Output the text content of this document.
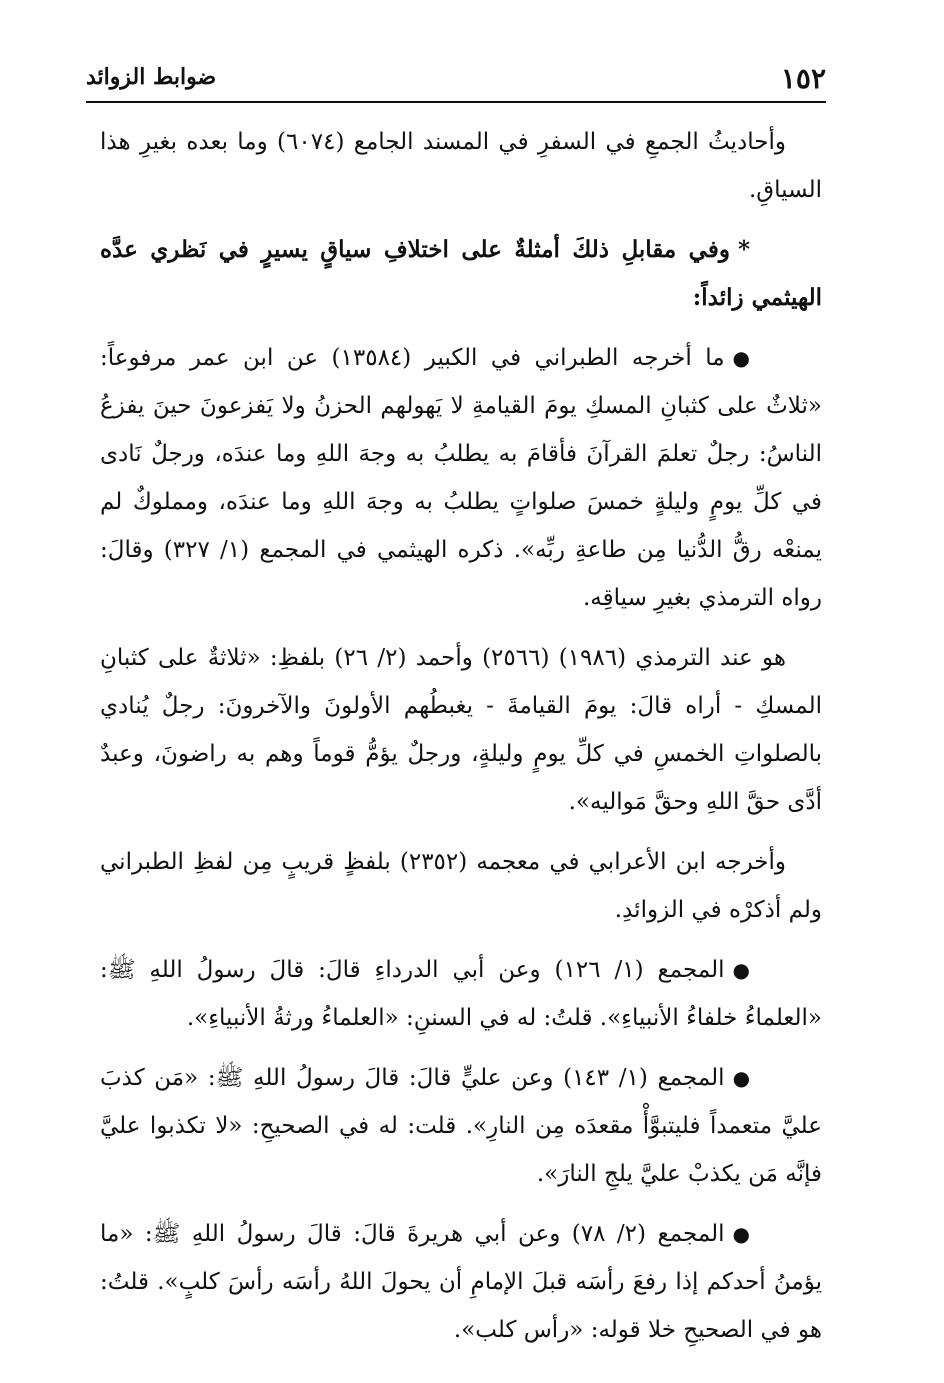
١٥٢
ضوابط الزوائد

وأحاديثُ الجمعِ في السفرِ في المسند الجامع (٦٠٧٤) وما بعده بغيرِ هذا السياقِ.

*وفي مقابلِ ذلكَ أمثلةٌ على اختلافِ سياقٍ يسيرٍ في نَظري عدَّه الهيثمي زائداً:

●ما أخرجه الطبراني في الكبير (١٣٥٨٤) عن ابن عمر مرفوعاً: «ثلاثٌ على كثبانِ المسكِ يومَ القيامةِ لا يَهولهم الحزنُ ولا يَفزعونَ حينَ يفزعُ الناسُ: رجلٌ تعلمَ القرآنَ فأقامَ به يطلبُ به وجهَ اللهِ وما عندَه، ورجلٌ نَادى في كلِّ يومٍ وليلةٍ خمسَ صلواتٍ يطلبُ به وجهَ اللهِ وما عندَه، ومملوكٌ لم يمنعْه رقُّ الدُّنيا مِن طاعةِ ربِّه». ذكره الهيثمي في المجمع (١/ ٣٢٧) وقالَ: رواه الترمذي بغيرِ سياقِه.

هو عند الترمذي (١٩٨٦) (٢٥٦٦) وأحمد (٢/ ٢٦) بلفظِ: «ثلاثةٌ على كثبانِ المسكِ - أراه قالَ: يومَ القيامةَ - يغبطُهم الأولونَ والآخرونَ: رجلٌ يُنادي بالصلواتِ الخمسِ في كلِّ يومٍ وليلةٍ، ورجلٌ يؤمُّ قوماً وهم به راضونَ، وعبدٌ أدَّى حقَّ اللهِ وحقَّ مَواليه».

وأخرجه ابن الأعرابي في معجمه (٢٣٥٢) بلفظٍ قريبٍ مِن لفظِ الطبراني ولم أذكرْه في الزوائدِ.

●المجمع (١/ ١٢٦) وعن أبي الدرداءِ قالَ: قالَ رسولُ اللهِ ﷺ: «العلماءُ خلفاءُ الأنبياءِ». قلتُ: له في السننِ: «العلماءُ ورثةُ الأنبياءِ».

●المجمع (١/ ١٤٣) وعن عليٍّ قالَ: قالَ رسولُ اللهِ ﷺ: «مَن كذبَ عليَّ متعمداً فليتبوَّأْ مقعدَه مِن النارِ». قلت: له في الصحيحِ: «لا تكذبوا عليَّ فإنَّه مَن يكذبْ عليَّ يلجِ النارَ».

●المجمع (٢/ ٧٨) وعن أبي هريرةَ قالَ: قالَ رسولُ اللهِ ﷺ: «ما يؤمنُ أحدكم إذا رفعَ رأسَه قبلَ الإمامِ أن يحولَ اللهُ رأسَه رأسَ كلبٍ». قلتُ: هو في الصحيحِ خلا قوله: «رأس كلب».
